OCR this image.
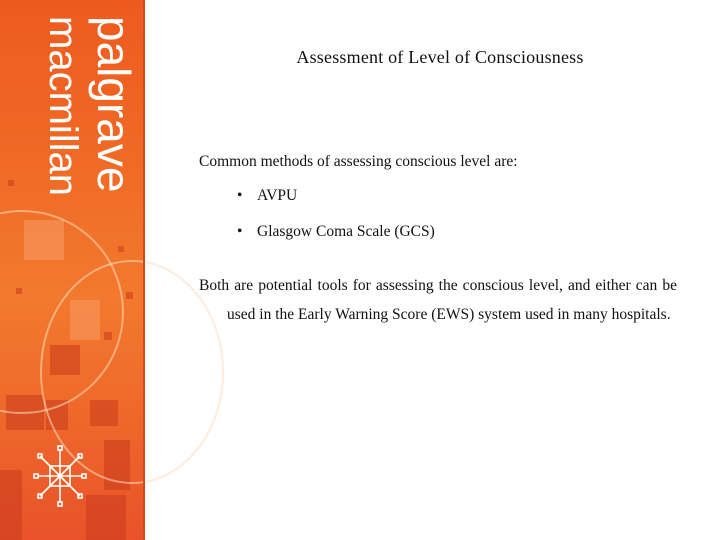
palgrave
macmillan	Assessment of Level of Consciousness

Common methods of assessing conscious level are:

• AVPU
• Glasgow Coma Scale (GCS)

Both are potential tools for assessing the conscious level, and either can be used in the Early Warning Score (EWS) system used in many hospitals.
